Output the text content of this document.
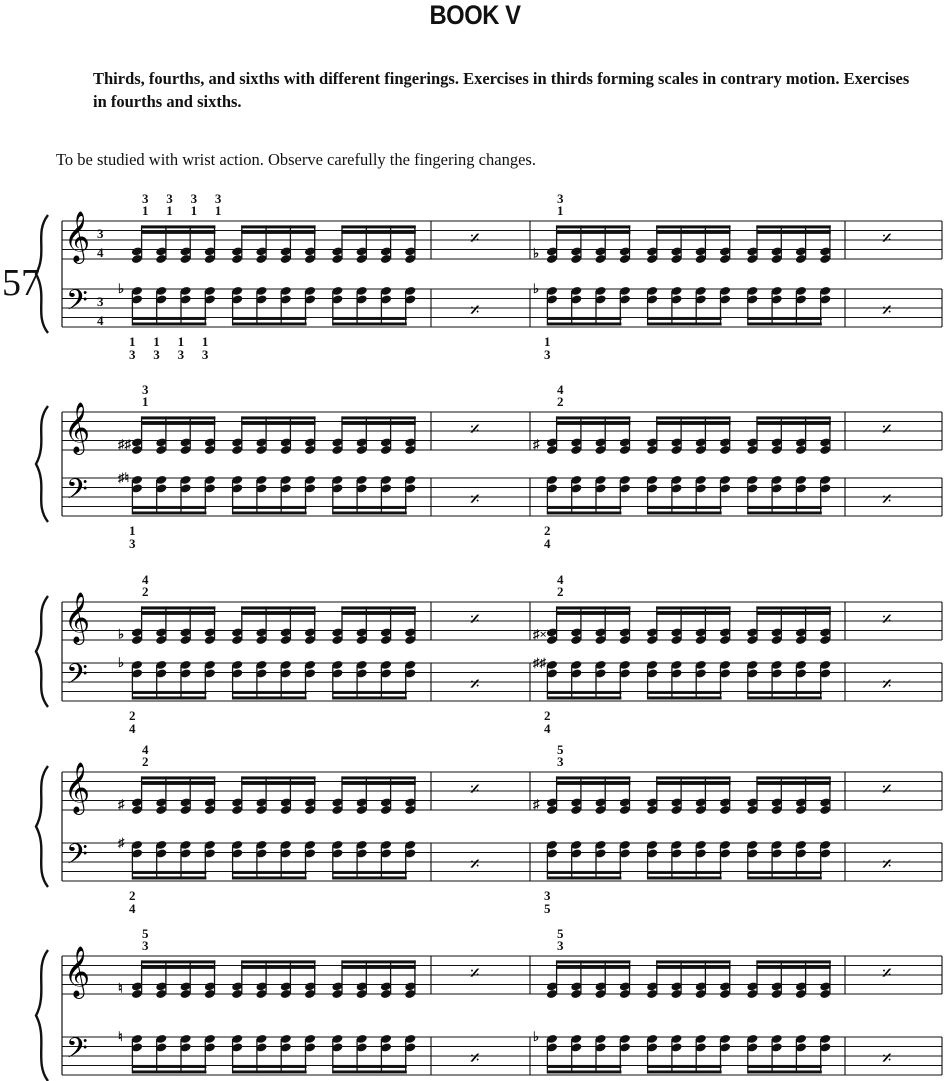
BOOK V
Thirds, fourths, and sixths with different fingerings. Exercises in thirds forming scales in contrary motion. Exercises in fourths and sixths.
To be studied with wrist action. Observe carefully the fingering changes.
𝄞
𝄢
3
4
3
4
57	♭
3
1
3
1
3
1
3
1
1
3
1
3
1
3
1
3
𝄎
𝄎
♭
♭
3
1
1
3
𝄎
𝄎
𝄞
𝄢
♯♯
♯♮
3
1
1
3
𝄎
𝄎
♯
4
2
2
4
𝄎
𝄎
𝄞
𝄢
♭
♭
4
2
2
4
𝄎
𝄎
♯×
♯♯
4
2
2
4
𝄎
𝄎
𝄞
𝄢
♯
♯
4
2
2
4
𝄎
𝄎
♯
5
3
3
5
𝄎
𝄎
𝄞
𝄢
♮
♮
5
3
𝄎
𝄎
♭
5
3
𝄎
𝄎
